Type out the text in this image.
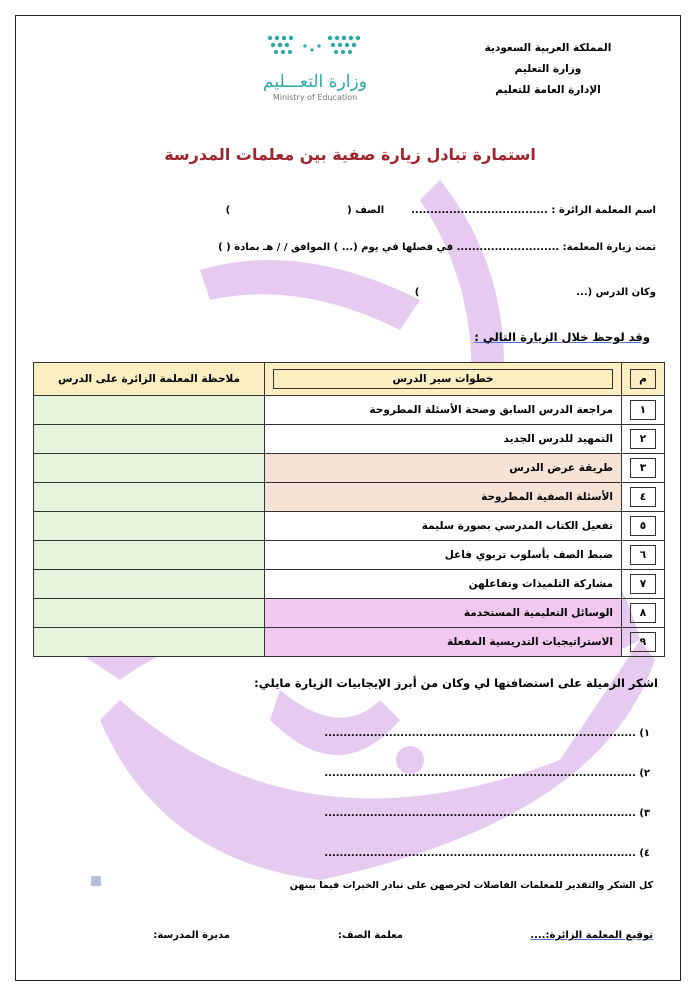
المملكة العربية السعودية
وزارة التعليم
الإدارة العامة للتعليم
وزارة التعـــليم
Ministry of Education
استمارة تبادل زيارة صفية بين معلمات المدرسة
اسم المعلمة الزائرة : ....................................  الصف (  )
تمت زيارة المعلمة: ........................... في فصلها في يوم (... ) الموافق / / هـ بمادة ( )
وكان الدرس (...  )
وقد لوحظ خلال الزيارة التالي :
م	خطوات سير الدرس	ملاحظة المعلمة الزائرة على الدرس

١	مراجعة الدرس السابق وصحة الأسئلة المطروحة	

٢	التمهيد للدرس الجديد	

٣	طريقة عرض الدرس	

٤	الأسئلة الصفية المطروحة	

٥	تفعيل الكتاب المدرسي بصورة سليمة	

٦	ضبط الصف بأسلوب تربوي فاعل	

٧	مشاركة التلميذات وتفاعلهن	

٨	الوسائل التعليمية المستخدمة	

٩	الاستراتيجيات التدريسية المفعلة	
اشكر الزميلة على استضافتها لي وكان من أبرز الإيجابيات الزيارة مايلي:
١) ..................................................................................
٢) ..................................................................................
٣) ..................................................................................
٤) ..................................................................................
كل الشكر والتقدير للمعلمات الفاضلات لحرصهن على تبادر الخبرات فيما بينهن
توقيع المعلمة الزائرة:....
معلمة الصف:
مديرة المدرسة:
